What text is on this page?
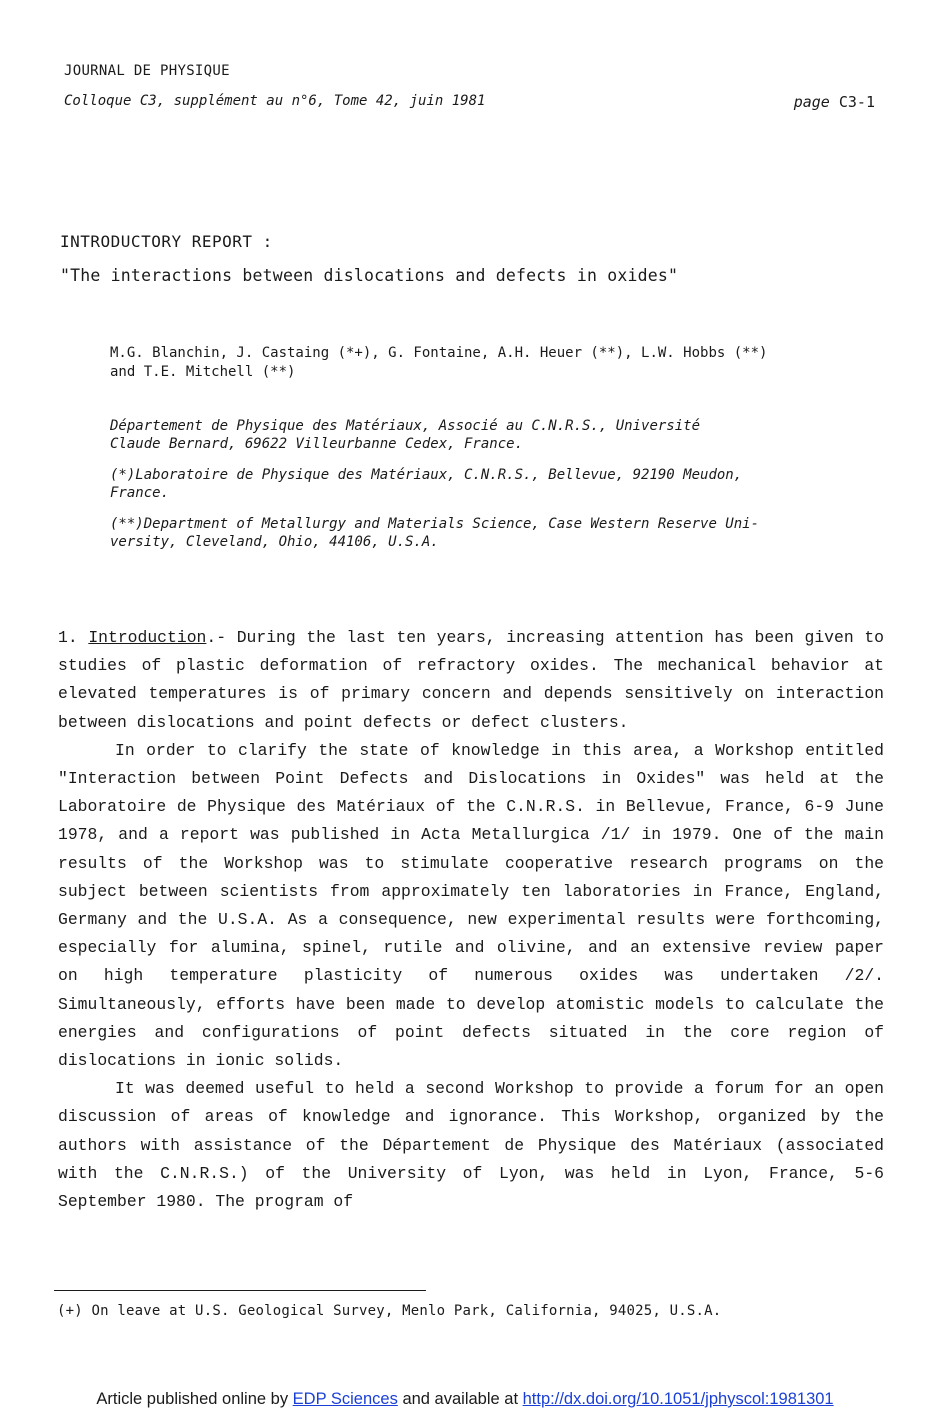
JOURNAL DE PHYSIQUE
Colloque C3, supplément au n°6, Tome 42, juin 1981	page C3-1
INTRODUCTORY REPORT :
"The interactions between dislocations and defects in oxides"
M.G. Blanchin, J. Castaing (*+), G. Fontaine, A.H. Heuer (**), L.W. Hobbs (**)
and T.E. Mitchell (**)
Département de Physique des Matériaux, Associé au C.N.R.S., Université
Claude Bernard, 69622 Villeurbanne Cedex, France.
(*)Laboratoire de Physique des Matériaux, C.N.R.S., Bellevue, 92190 Meudon,
France.
(**)Department of Metallurgy and Materials Science, Case Western Reserve Uni-
versity, Cleveland, Ohio, 44106, U.S.A.

1. Introduction.- During the last ten years, increasing attention has been given to studies of plastic deformation of refractory oxides. The mechanical behavior at elevated temperatures is of primary concern and depends sensitively on interaction between dislocations and point defects or defect clusters.

In order to clarify the state of knowledge in this area, a Workshop entitled "Interaction between Point Defects and Dislocations in Oxides" was held at the Laboratoire de Physique des Matériaux of the C.N.R.S. in Bellevue, France, 6-9 June 1978, and a report was published in Acta Metallurgica /1/ in 1979. One of the main results of the Workshop was to stimulate cooperative research programs on the subject between scientists from approximately ten laboratories in France, England, Germany and the U.S.A. As a consequence, new experimental results were forthcoming, especially for alumina, spinel, rutile and olivine, and an extensive review paper on high temperature plasticity of numerous oxides was undertaken /2/. Simultaneously, efforts have been made to develop atomistic models to calculate the energies and configurations of point defects situated in the core region of dislocations in ionic solids.

It was deemed useful to held a second Workshop to provide a forum for an open discussion of areas of knowledge and ignorance. This Workshop, organized by the authors with assistance of the Département de Physique des Matériaux (associated with the C.N.R.S.) of the University of Lyon, was held in Lyon, France, 5-6 September 1980. The program of

(+) On leave at U.S. Geological Survey, Menlo Park, California, 94025, U.S.A.
Article published online by EDP Sciences and available at http://dx.doi.org/10.1051/jphyscol:1981301
